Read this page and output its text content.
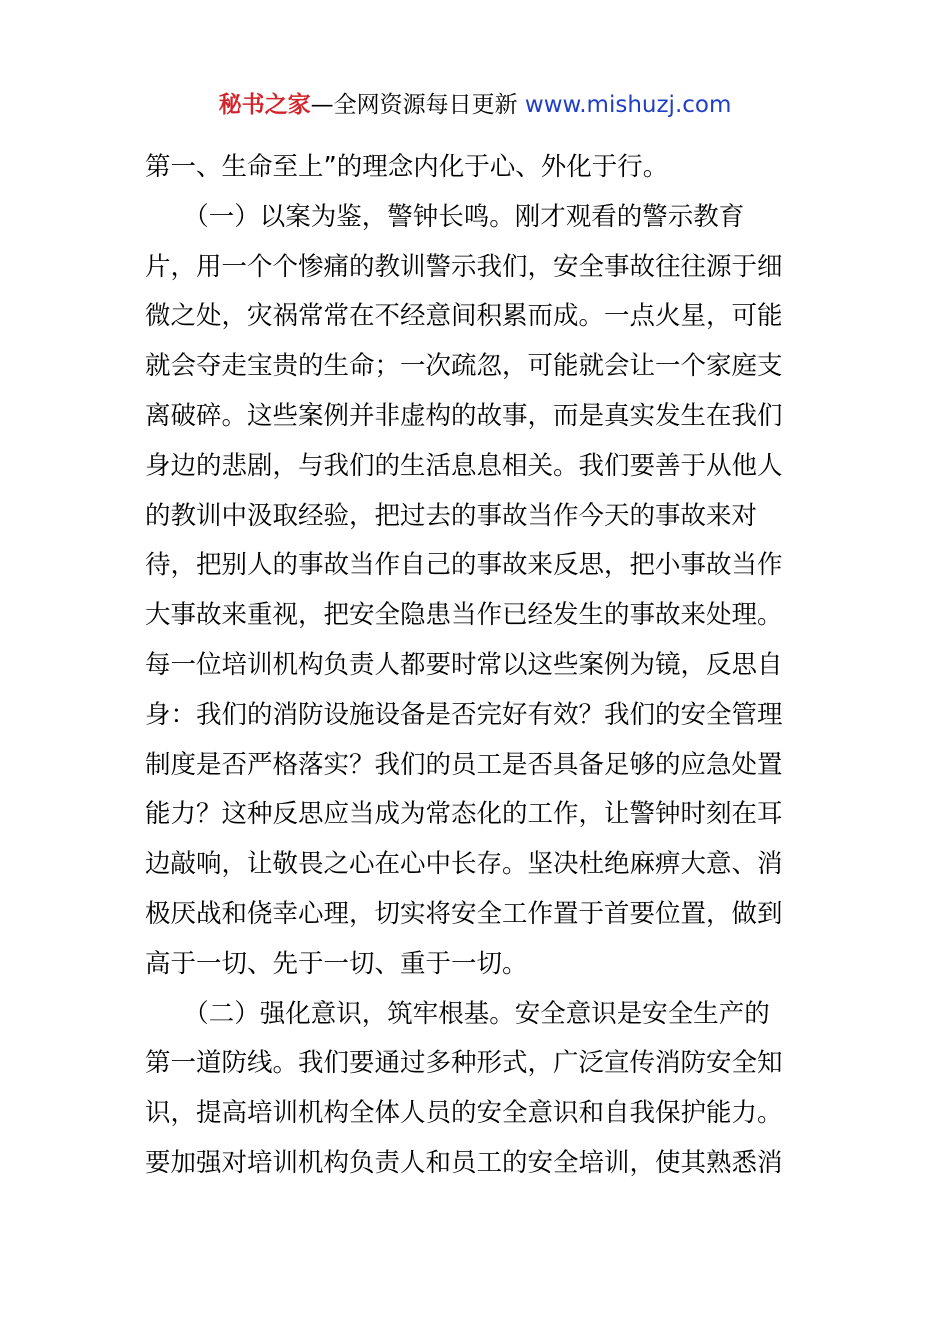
秘书之家—全网资源每日更新 www.mishuzj.com
第一、生命至上”的理念内化于心、外化于行。
　　（一）以案为鉴，警钟长鸣。刚才观看的警示教育
片，用一个个惨痛的教训警示我们，安全事故往往源于细
微之处，灾祸常常在不经意间积累而成。一点火星，可能
就会夺走宝贵的生命；一次疏忽，可能就会让一个家庭支
离破碎。这些案例并非虚构的故事，而是真实发生在我们
身边的悲剧，与我们的生活息息相关。我们要善于从他人
的教训中汲取经验，把过去的事故当作今天的事故来对
待，把别人的事故当作自己的事故来反思，把小事故当作
大事故来重视，把安全隐患当作已经发生的事故来处理。
每一位培训机构负责人都要时常以这些案例为镜，反思自
身：我们的消防设施设备是否完好有效？我们的安全管理
制度是否严格落实？我们的员工是否具备足够的应急处置
能力？这种反思应当成为常态化的工作，让警钟时刻在耳
边敲响，让敬畏之心在心中长存。坚决杜绝麻痹大意、消
极厌战和侥幸心理，切实将安全工作置于首要位置，做到
高于一切、先于一切、重于一切。
　　（二）强化意识，筑牢根基。安全意识是安全生产的
第一道防线。我们要通过多种形式，广泛宣传消防安全知
识，提高培训机构全体人员的安全意识和自我保护能力。
要加强对培训机构负责人和员工的安全培训，使其熟悉消
